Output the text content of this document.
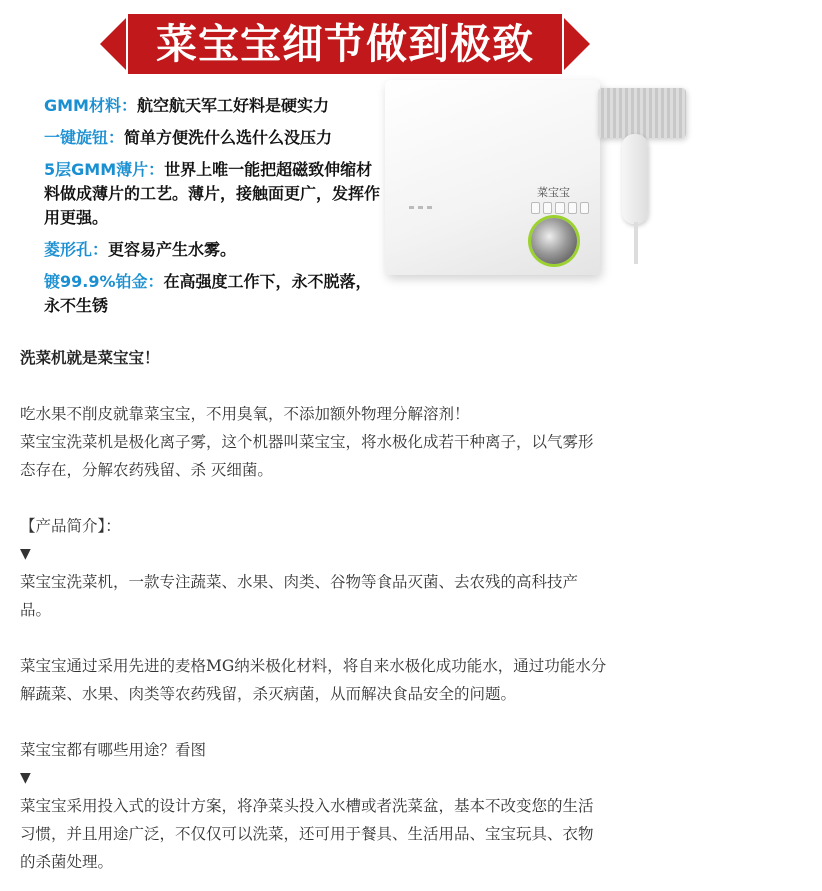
菜宝宝细节做到极致
GMM材料：航空航天军工好料是硬实力
一键旋钮：简单方便洗什么选什么没压力
5层GMM薄片：世界上唯一能把超磁致伸缩材料做成薄片的工艺。薄片，接触面更广，发挥作用更强。
菱形孔：更容易产生水雾。
镀99.9%铂金：在高强度工作下，永不脱落，永不生锈
菜宝宝

洗菜机就是菜宝宝！

吃水果不削皮就靠菜宝宝，不用臭氧，不添加额外物理分解溶剂！

菜宝宝洗菜机是极化离子雾，这个机器叫菜宝宝，将水极化成若干种离子，以气雾形

态存在，分解农药残留、杀 灭细菌。

【产品简介】：

▼

菜宝宝洗菜机，一款专注蔬菜、水果、肉类、谷物等食品灭菌、去农残的高科技产

品。

菜宝宝通过采用先进的麦格MG纳米极化材料，将自来水极化成功能水，通过功能水分

解蔬菜、水果、肉类等农药残留，杀灭病菌，从而解决食品安全的问题。

菜宝宝都有哪些用途？看图

▼

菜宝宝采用投入式的设计方案，将净菜头投入水槽或者洗菜盆，基本不改变您的生活

习惯，并且用途广泛，不仅仅可以洗菜，还可用于餐具、生活用品、宝宝玩具、衣物

的杀菌处理。
